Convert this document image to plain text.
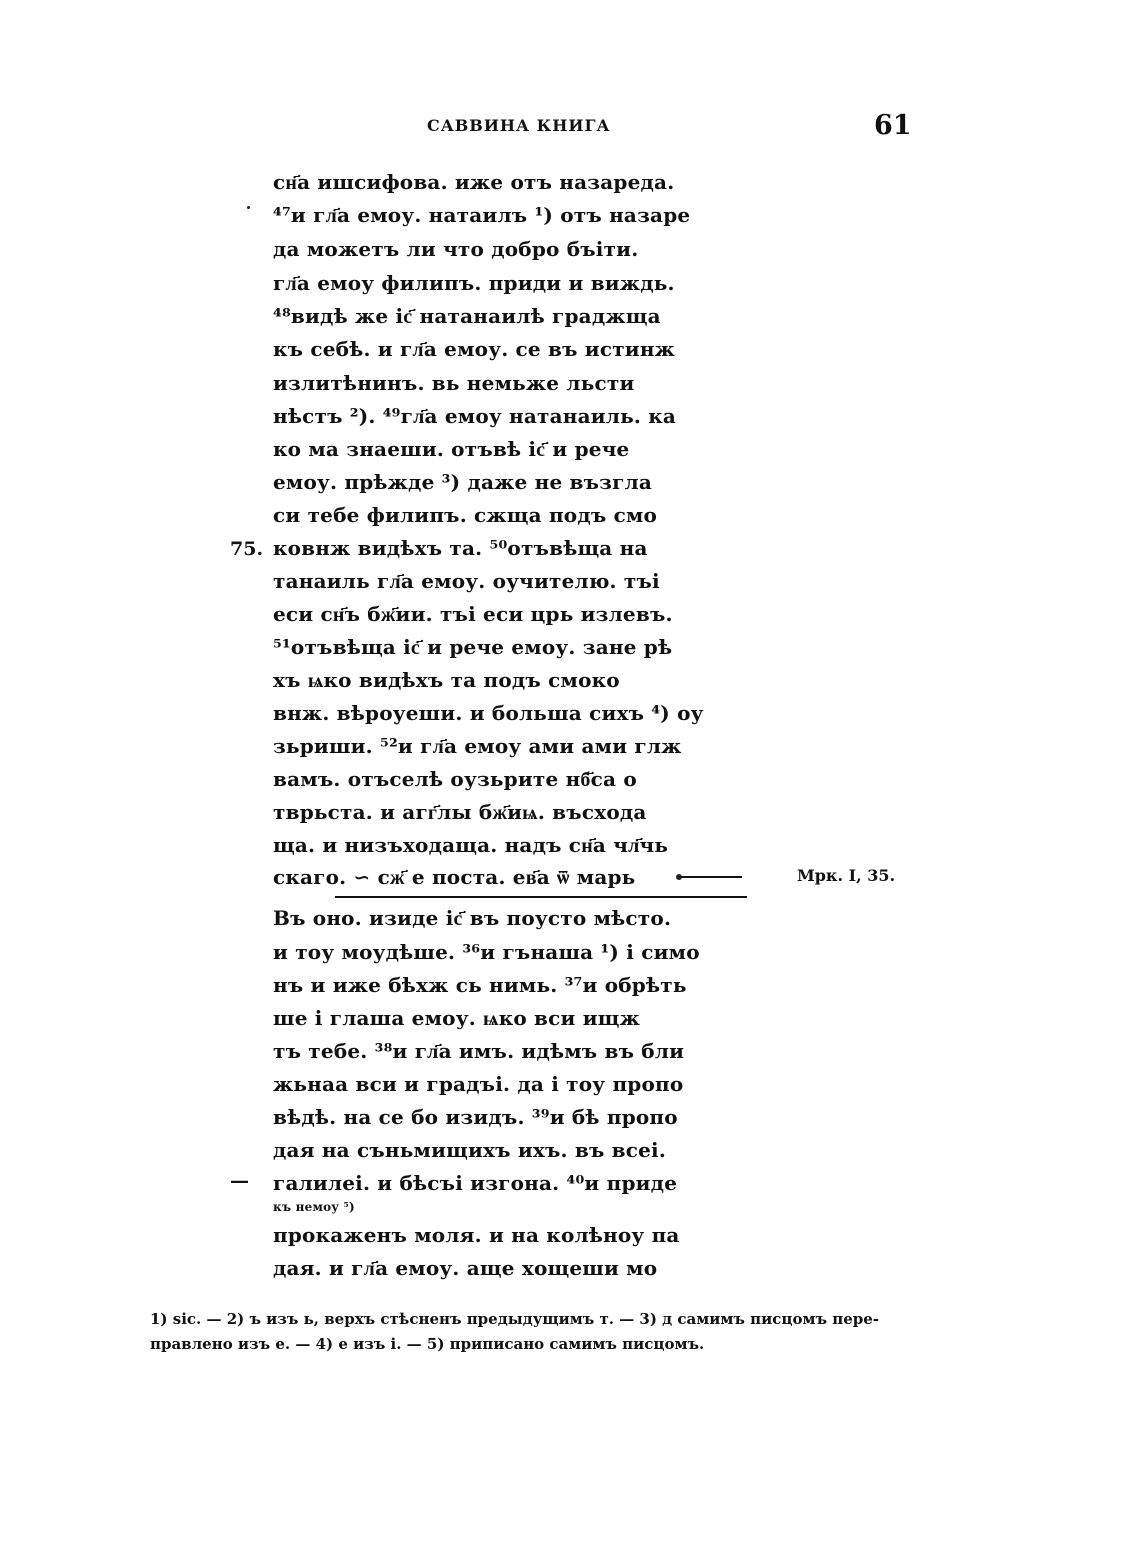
САВВИНА КНИГА	61
75.
—
сн҃а ишсифова. иже отъ назареда.
⁴⁷и гл҃а емоу. натаилъ ¹) отъ назаре
да можетъ ли что добро бъіти.
гл҃а емоу филипъ. приди и виждь.
⁴⁸видѣ же іс҃ натанаилѣ граджща
къ себѣ. и гл҃а емоу. се въ истинж
излитѣнинъ. вь немьже льсти
нѣстъ ²). ⁴⁹гл҃а емоу натанаиль. ка
ко ма знаеши. отъвѣ іс҃ и рече
емоу. прѣжде ³) даже не възгла
си тебе филипъ. сжща подъ смо
ковнж видѣхъ та. ⁵⁰отъвѣща на
танаиль гл҃а емоу. оучителю. тъі
еси сн҃ъ бж҃ии. тъі еси црь излевъ.
⁵¹отъвѣща іс҃ и рече емоу. зане рѣ
хъ ѩко видѣхъ та подъ смоко
внж. вѣроуеши. и больша сихъ ⁴) оу
зьриши. ⁵²и гл҃а емоу ами ами глж
вамъ. отъселѣ оузьрите нб҃са о
тврьста. и агг҃лы бж҃иѩ. въсхода
ща. и низъходаща. надъ сн҃а чл҃чь
скаго. ∽ сж҃ е поста. ев҃а ѿ марь
Въ оно. изиде іс҃ въ поусто мѣсто.
и тоу моудѣше. ³⁶и гънаша ¹) і симо
нъ и иже бѣхж сь нимь. ³⁷и обрѣть
ше і глаша емоу. ѩко вси ищж
тъ тебе. ³⁸и гл҃а имъ. идѣмъ въ бли
жьнаа вси и градъі. да і тоу пропо
вѣдѣ. на се бо изидъ. ³⁹и бѣ пропо
дая на съньмищихъ ихъ. въ всеі.
галилеі. и бѣсъі изгона. ⁴⁰и приде
къ немоу ⁵)
прокаженъ моля. и на колѣноу па
дая. и гл҃а емоу. аще хощеши мо
Мрк. I, 35.
1) sic. — 2) ъ изъ ь, верхъ стѣсненъ предыдущимъ т. — 3) д самимъ писцомъ пере-
правлено изъ е. — 4) е изъ і. — 5) приписано самимъ писцомъ.
